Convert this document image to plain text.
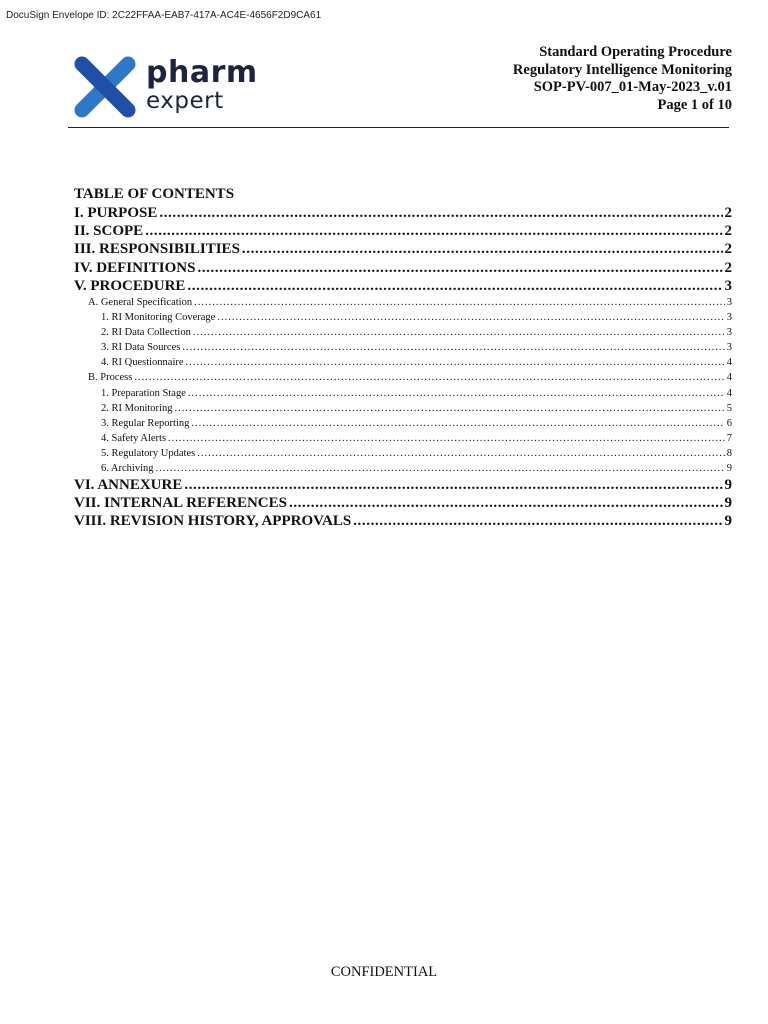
DocuSign Envelope ID: 2C22FFAA-EAB7-417A-AC4E-4656F2D9CA61
pharm
expert
Standard Operating Procedure
Regulatory Intelligence Monitoring
SOP-PV-007_01-May-2023_v.01
Page 1 of 10
TABLE OF CONTENTS
I. PURPOSE .....	2
II. SCOPE .....	2
III. RESPONSIBILITIES .....	2
IV. DEFINITIONS .....	2
V. PROCEDURE .....	3
A. General Specification .....	3
1. RI Monitoring Coverage .....	3
2. RI Data Collection .....	3
3. RI Data Sources .....	3
4. RI Questionnaire .....	4
B. Process .....	4
1. Preparation Stage .....	4
2. RI Monitoring .....	5
3. Regular Reporting .....	6
4. Safety Alerts .....	7
5. Regulatory Updates .....	8
6. Archiving .....	9
VI. ANNEXURE .....	9
VII. INTERNAL REFERENCES .....	9
VIII. REVISION HISTORY, APPROVALS .....	9
CONFIDENTIAL
